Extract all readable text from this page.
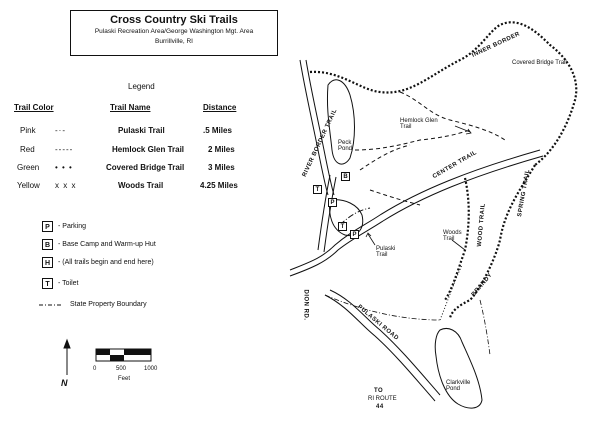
Cross Country Ski Trails
Pulaski Recreation Area/George Washington Mgt. Area
Burrillville, RI
Legend
Trail Color	Trail Name	Distance
Pink -·-	Pulaski Trail	.5 Miles
Red	-----	Hemlock Glen Trail	2 Miles
Green • • •	Covered Bridge Trail	3 Miles
Yellow x x x	Woods Trail	4.25 Miles
P	- Parking
B	- Base Camp and Warm-up Hut
H	- (All trails begin and end here)
T	- Toilet
State Property Boundary
0	500	1000
Feet
N
INNER BORDER
Covered Bridge Trail
Hemlock Glen Trail
RIVER BORDER TRAIL Peck Pond
CENTER TRAIL
SPRING TRAIL
WOOD TRAIL
Woods Trail
Pulaski Trail
PULASKI ROAD
BRANDY
DION RD.
Clarkville Pond
TO
RI ROUTE
44
B
T
P
T
P
